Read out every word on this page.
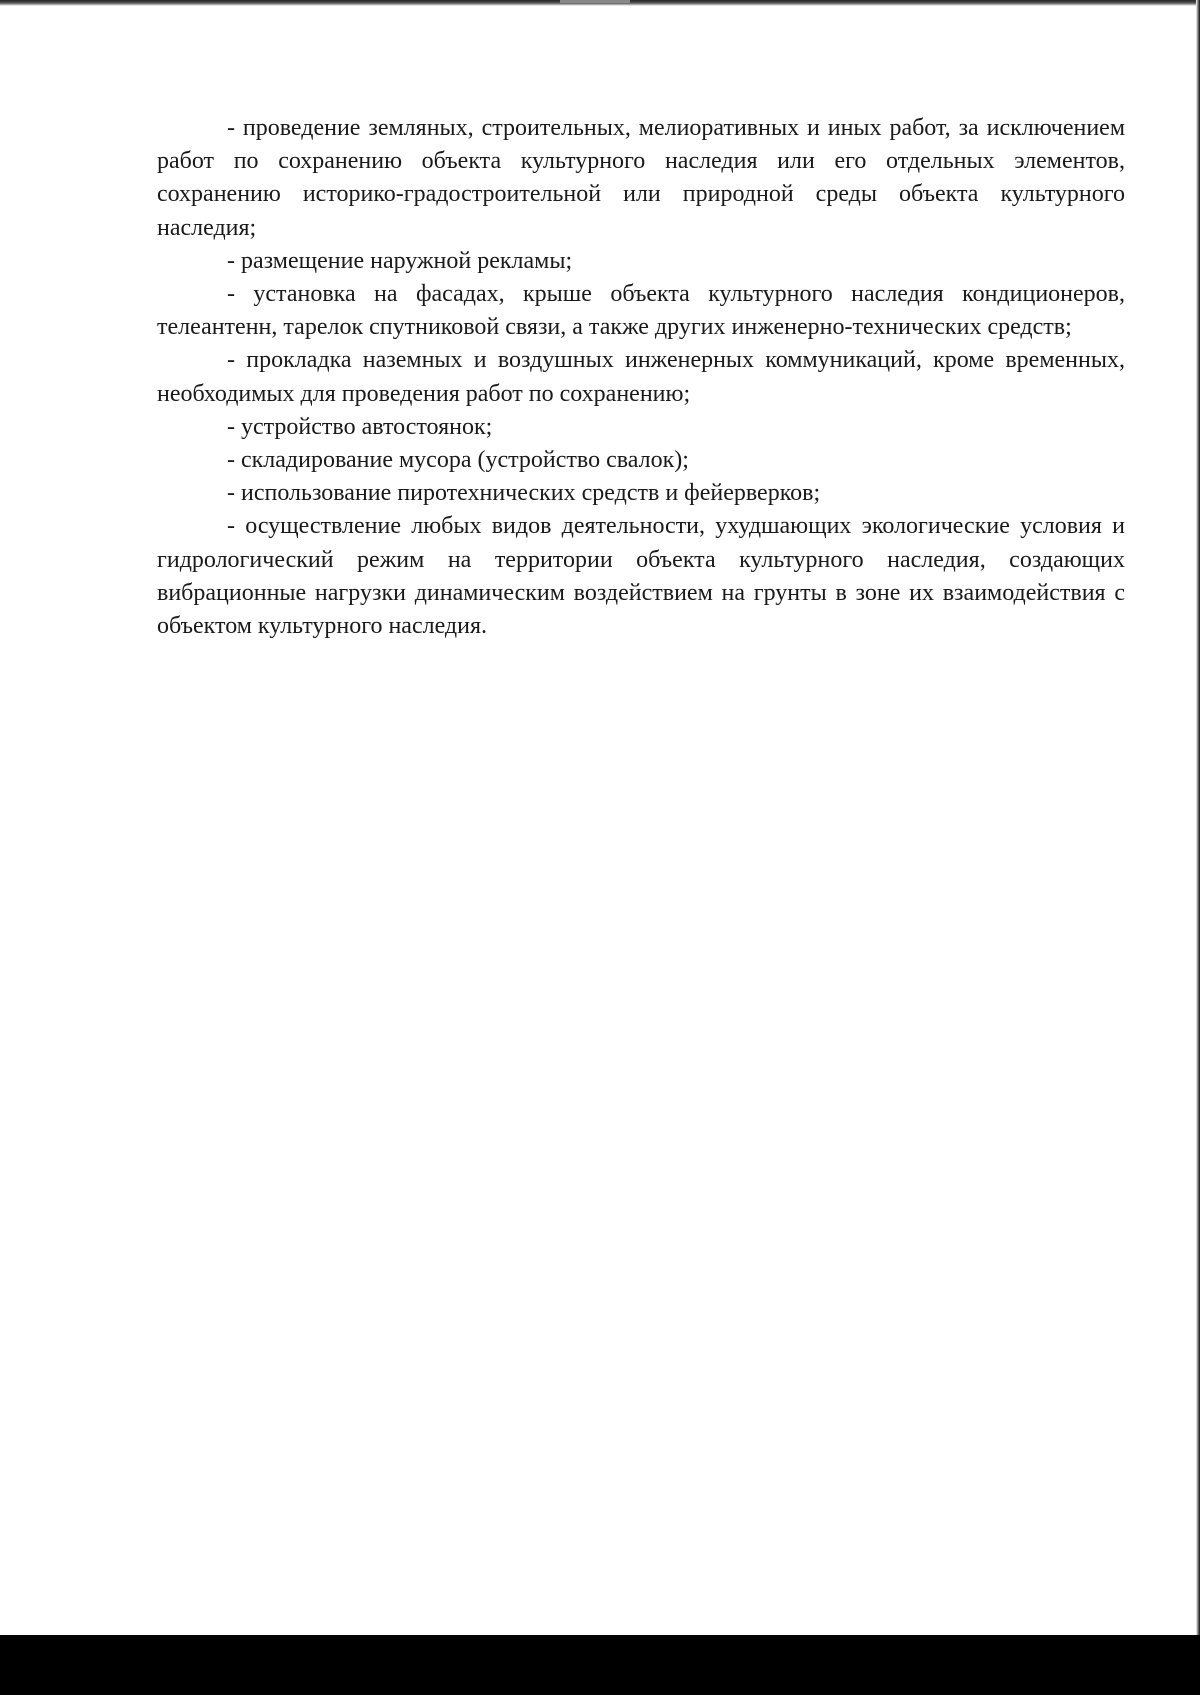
- проведение земляных, строительных, мелиоративных и иных работ, за исключением работ по сохранению объекта культурного наследия или его отдельных элементов, сохранению историко-градостроительной или природной среды объекта культурного наследия;

- размещение наружной рекламы;

- установка на фасадах, крыше объекта культурного наследия кондиционеров, телеантенн, тарелок спутниковой связи, а также других инженерно-технических средств;

- прокладка наземных и воздушных инженерных коммуникаций, кроме временных, необходимых для проведения работ по сохранению;

- устройство автостоянок;

- складирование мусора (устройство свалок);

- использование пиротехнических средств и фейерверков;

- осуществление любых видов деятельности, ухудшающих экологические условия и гидрологический режим на территории объекта культурного наследия, создающих вибрационные нагрузки динамическим воздействием на грунты в зоне их взаимодействия с объектом культурного наследия.
